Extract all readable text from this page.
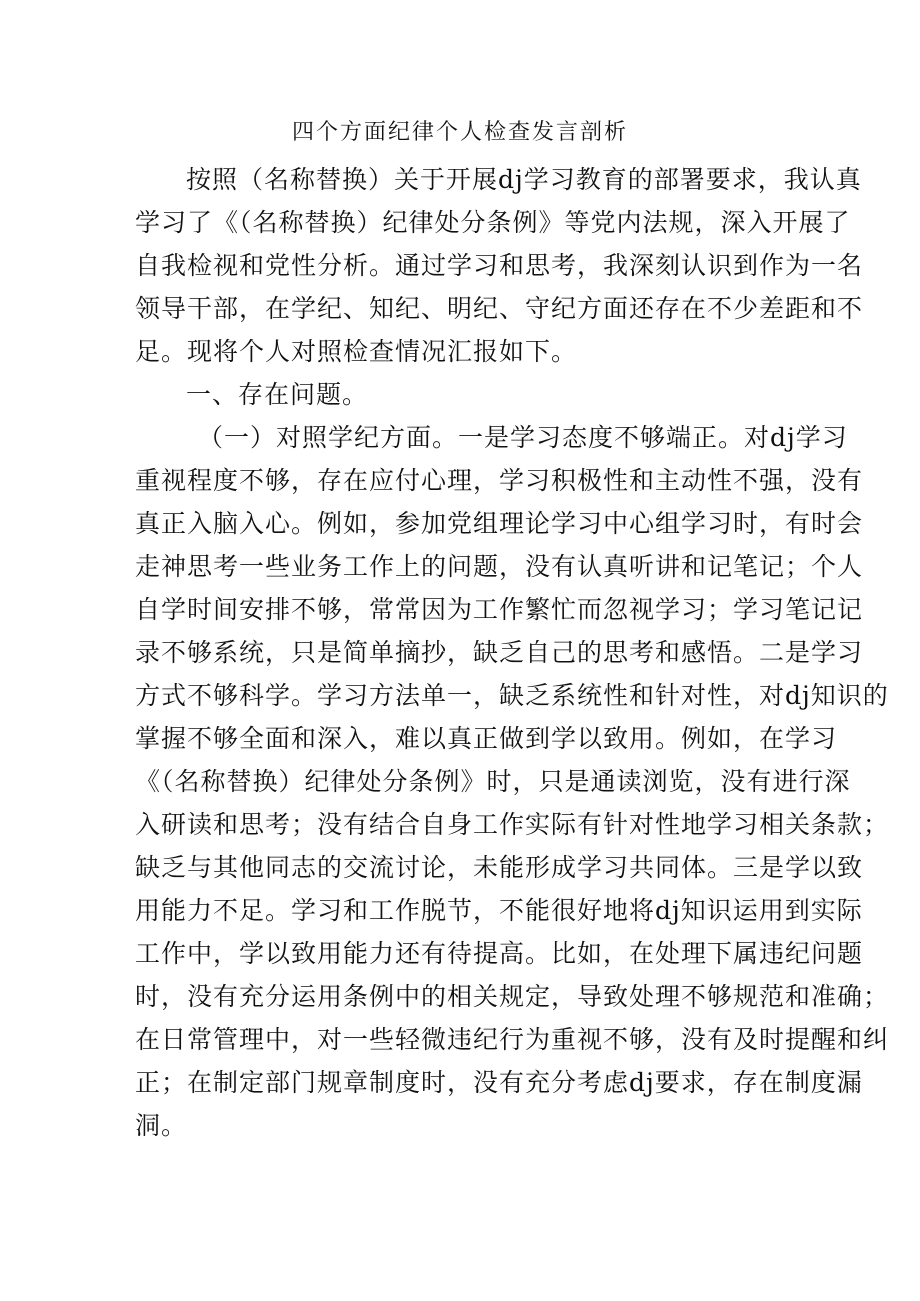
四个方面纪律个人检查发言剖析
按照（名称替换）关于开展dj学习教育的部署要求，我认真
学习了《（名称替换）纪律处分条例》等党内法规，深入开展了
自我检视和党性分析。通过学习和思考，我深刻认识到作为一名
领导干部，在学纪、知纪、明纪、守纪方面还存在不少差距和不
足。现将个人对照检查情况汇报如下。
一、存在问题。
（一）对照学纪方面。一是学习态度不够端正。对dj学习
重视程度不够，存在应付心理，学习积极性和主动性不强，没有
真正入脑入心。例如，参加党组理论学习中心组学习时，有时会
走神思考一些业务工作上的问题，没有认真听讲和记笔记；个人
自学时间安排不够，常常因为工作繁忙而忽视学习；学习笔记记
录不够系统，只是简单摘抄，缺乏自己的思考和感悟。二是学习
方式不够科学。学习方法单一，缺乏系统性和针对性，对dj知识的
掌握不够全面和深入，难以真正做到学以致用。例如，在学习
《（名称替换）纪律处分条例》时，只是通读浏览，没有进行深
入研读和思考；没有结合自身工作实际有针对性地学习相关条款；
缺乏与其他同志的交流讨论，未能形成学习共同体。三是学以致
用能力不足。学习和工作脱节，不能很好地将dj知识运用到实际
工作中，学以致用能力还有待提高。比如，在处理下属违纪问题
时，没有充分运用条例中的相关规定，导致处理不够规范和准确；
在日常管理中，对一些轻微违纪行为重视不够，没有及时提醒和纠
正；在制定部门规章制度时，没有充分考虑dj要求，存在制度漏
洞。
